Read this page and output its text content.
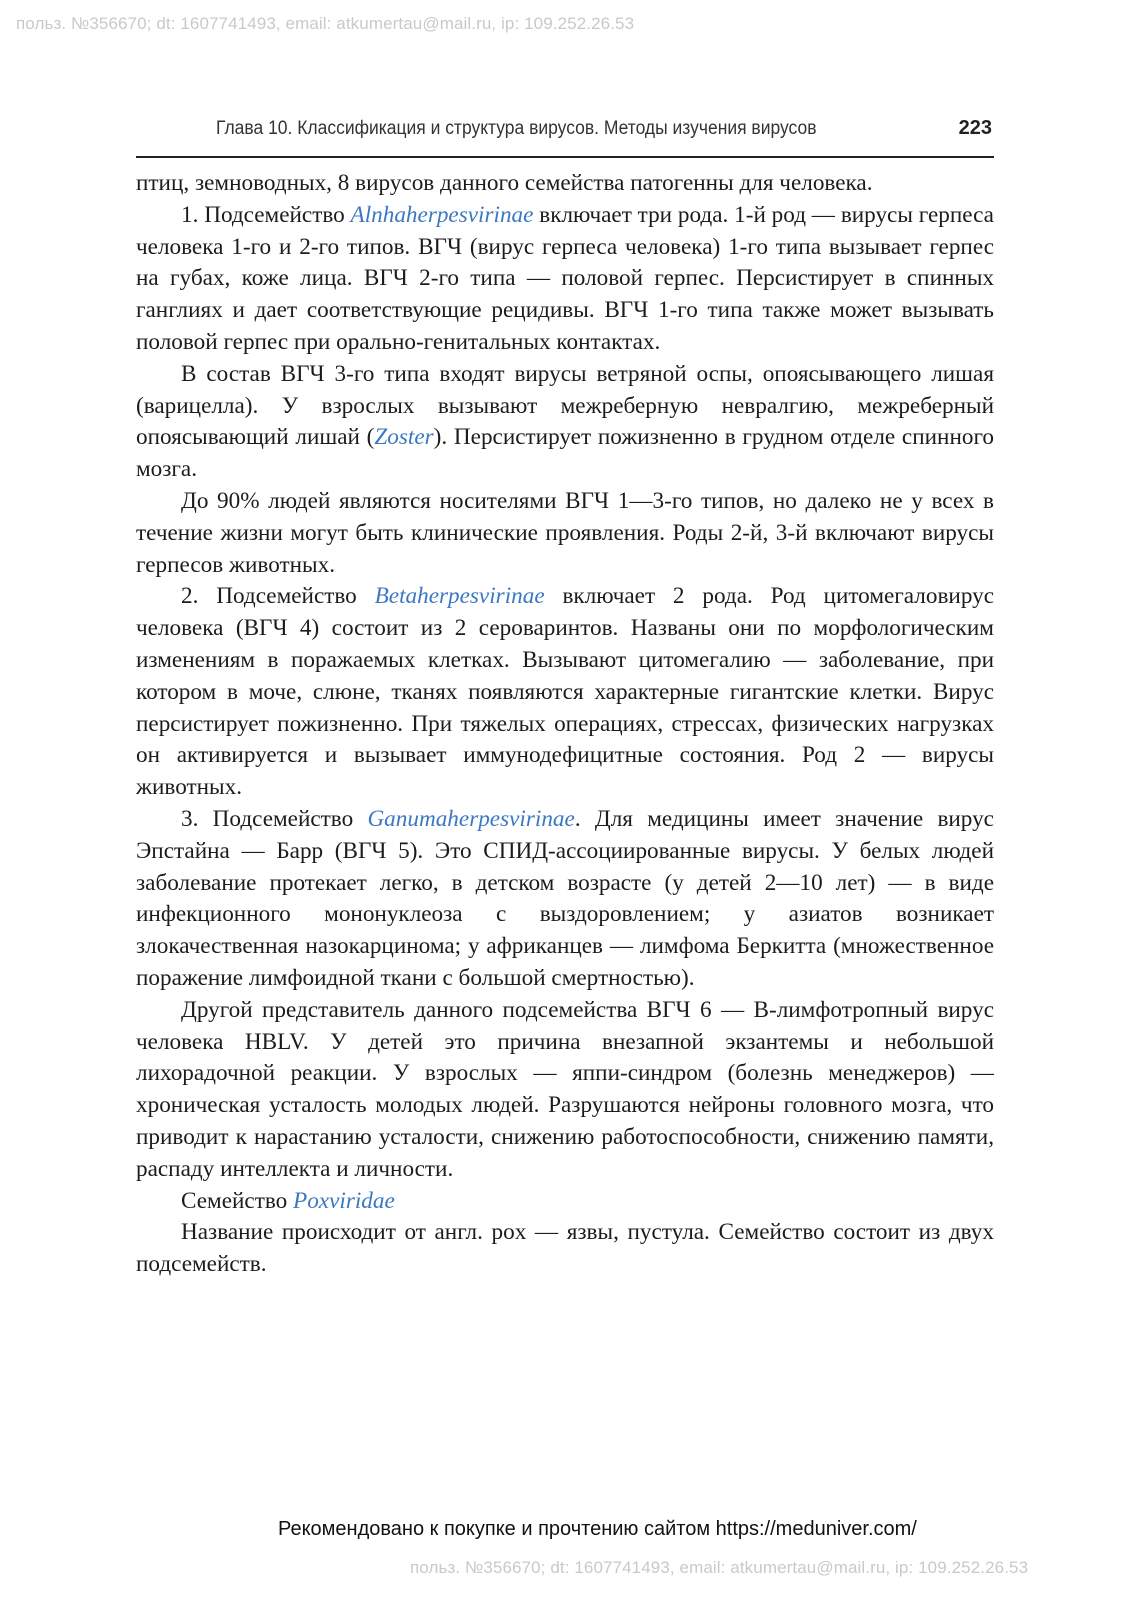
польз. №356670; dt: 1607741493, email: atkumertau@mail.ru, ip: 109.252.26.53
Глава 10. Классификация и структура вирусов. Методы изучения вирусов	223

птиц, земноводных, 8 вирусов данного семейства патогенны для человека.

1. Подсемейство Alnhaherpesvirinae включает три рода. 1-й род — вирусы герпеса человека 1-го и 2-го типов. ВГЧ (вирус герпеса человека) 1-го типа вызывает герпес на губах, коже лица. ВГЧ 2-го типа — половой герпес. Персистирует в спинных ганглиях и дает соответствующие рецидивы. ВГЧ 1-го типа также может вызывать половой герпес при орально-генитальных контактах.

В состав ВГЧ 3-го типа входят вирусы ветряной оспы, опоясывающего лишая (варицелла). У взрослых вызывают межреберную невралгию, межреберный опоясывающий лишай (Zoster). Персистирует пожизненно в грудном отделе спинного мозга.

До 90% людей являются носителями ВГЧ 1—3-го типов, но далеко не у всех в течение жизни могут быть клинические проявления. Роды 2-й, 3-й включают вирусы герпесов животных.

2. Подсемейство Betaherpesvirinae включает 2 рода. Род цитомегаловирус человека (ВГЧ 4) состоит из 2 сероваринтов. Названы они по морфологическим изменениям в поражаемых клетках. Вызывают цитомегалию — заболевание, при котором в моче, слюне, тканях появляются характерные гигантские клетки. Вирус персистирует пожизненно. При тяжелых операциях, стрессах, физических нагрузках он активируется и вызывает иммунодефицитные состояния. Род 2 — вирусы животных.

3. Подсемейство Ganumaherpesvirinae. Для медицины имеет значение вирус Эпстайна — Барр (ВГЧ 5). Это СПИД-ассоциированные вирусы. У белых людей заболевание протекает легко, в детском возрасте (у детей 2—10 лет) — в виде инфекционного мононуклеоза с выздоровлением; у азиатов возникает злокачественная назокарцинома; у африканцев — лимфома Беркитта (множественное поражение лимфоидной ткани с большой смертностью).

Другой представитель данного подсемейства ВГЧ 6 — В-лимфотропный вирус человека HBLV. У детей это причина внезапной экзантемы и небольшой лихорадочной реакции. У взрослых — яппи-синдром (болезнь менеджеров) — хроническая усталость молодых людей. Разрушаются нейроны головного мозга, что приводит к нарастанию усталости, снижению работоспособности, снижению памяти, распаду интеллекта и личности.

Семейство Poxviridae

Название происходит от англ. pox — язвы, пустула. Семейство состоит из двух подсемейств.

Рекомендовано к покупке и прочтению сайтом https://meduniver.com/
польз. №356670; dt: 1607741493, email: atkumertau@mail.ru, ip: 109.252.26.53
